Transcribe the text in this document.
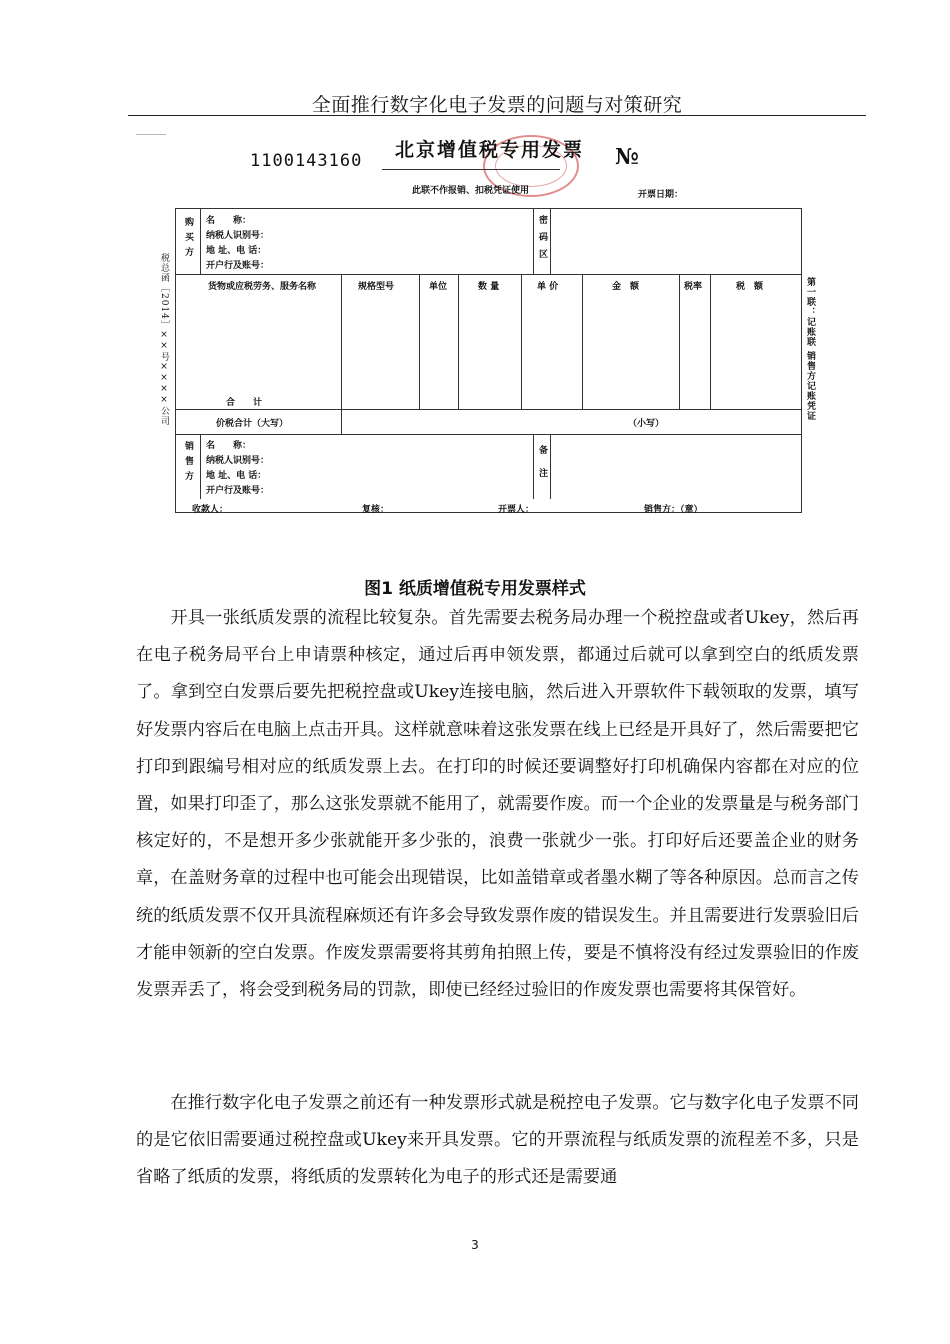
全面推行数字化电子发票的问题与对策研究
1100143160 北京增值税专用发票 №
此联不作报销、扣税凭证使用	开票日期：
税总函［2014］××号××××公司	第一联：记账联 销售方记账凭证
购买方 名　　称：
纳税人识别号：
地 址、电 话：
开户行及账号：	密码区
货物或应税劳务、服务名称	规格型号	单位	数 量	单 价	金　额	税率	税　额
合　　计
价税合计（大写）	（小写）
销售方 名　　称：
纳税人识别号：
地 址、电 话：
开户行及账号：	备注
收款人：	复核：	开票人：	销售方：（章）
图1 纸质增值税专用发票样式

开具一张纸质发票的流程比较复杂。首先需要去税务局办理一个税控盘或者Ukey，然后再在电子税务局平台上申请票种核定，通过后再申领发票，都通过后就可以拿到空白的纸质发票了。拿到空白发票后要先把税控盘或Ukey连接电脑，然后进入开票软件下载领取的发票，填写好发票内容后在电脑上点击开具。这样就意味着这张发票在线上已经是开具好了，然后需要把它打印到跟编号相对应的纸质发票上去。在打印的时候还要调整好打印机确保内容都在对应的位置，如果打印歪了，那么这张发票就不能用了，就需要作废。而一个企业的发票量是与税务部门核定好的，不是想开多少张就能开多少张的，浪费一张就少一张。打印好后还要盖企业的财务章，在盖财务章的过程中也可能会出现错误，比如盖错章或者墨水糊了等各种原因。总而言之传统的纸质发票不仅开具流程麻烦还有许多会导致发票作废的错误发生。并且需要进行发票验旧后才能申领新的空白发票。作废发票需要将其剪角拍照上传，要是不慎将没有经过发票验旧的作废发票弄丢了，将会受到税务局的罚款，即使已经经过验旧的作废发票也需要将其保管好。

在推行数字化电子发票之前还有一种发票形式就是税控电子发票。它与数字化电子发票不同的是它依旧需要通过税控盘或Ukey来开具发票。它的开票流程与纸质发票的流程差不多，只是省略了纸质的发票，将纸质的发票转化为电子的形式还是需要通

3
